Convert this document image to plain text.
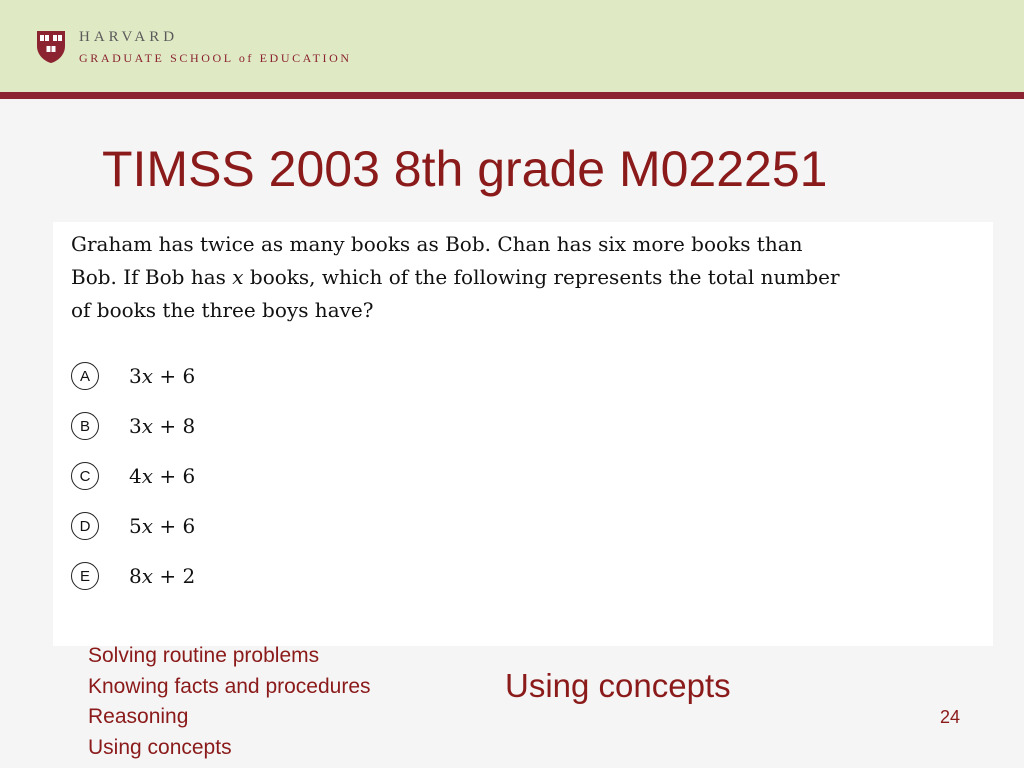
HARVARD
GRADUATE SCHOOL of EDUCATION
TIMSS 2003 8th grade M022251
Graham has twice as many books as Bob. Chan has six more books than
Bob. If Bob has x books, which of the following represents the total number
of books the three boys have?
A	3x + 6
B	3x + 8
C	4x + 6
D	5x + 6
E	8x + 2
Solving routine problems
Knowing facts and procedures
Reasoning
Using concepts
Using concepts
24
